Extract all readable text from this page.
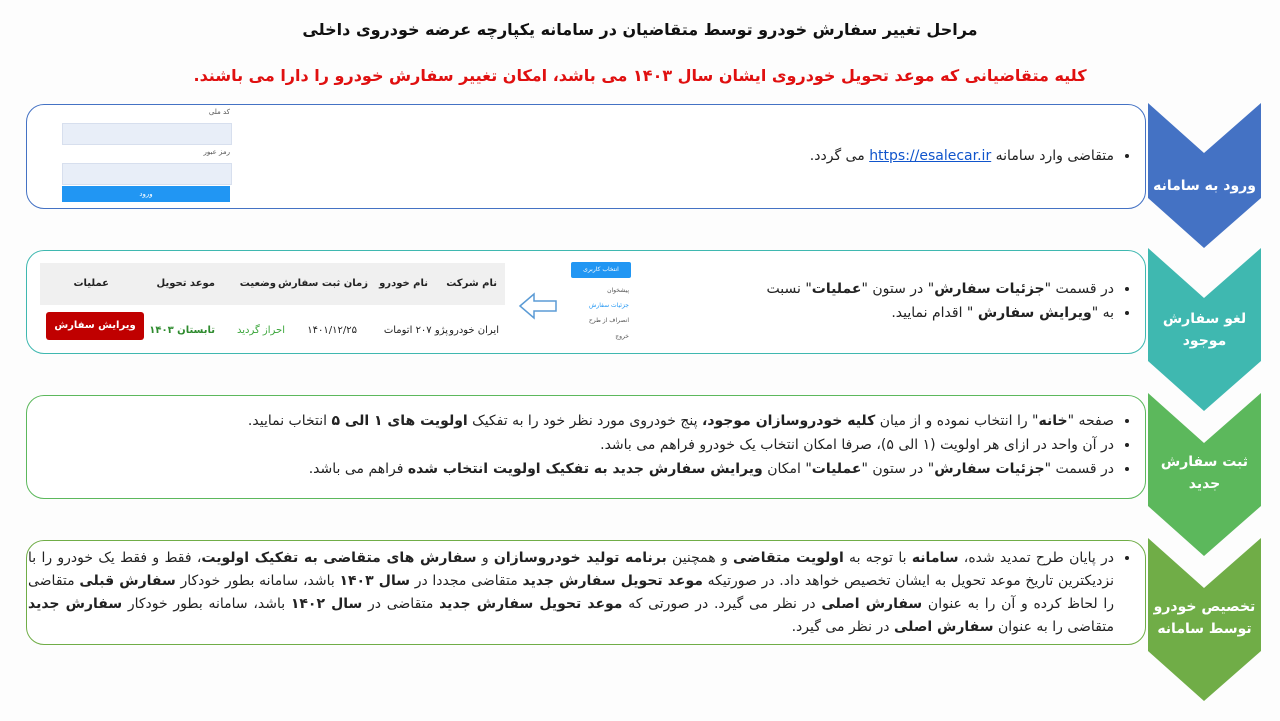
مراحل تغییر سفارش خودرو توسط متقاضیان در سامانه یکپارچه عرضه خودروی داخلی
کلیه متقاضیانی که موعد تحویل خودروی ایشان سال ۱۴۰۳ می باشد، امکان تغییر سفارش خودرو را دارا می باشند.
ورود به سامانه
لغو سفارش
موجود
ثبت سفارش
جدید
تخصیص خودرو
توسط سامانه
کد ملی
رمز عبور
ورود
• متقاضی وارد سامانه https://esalecar.ir می گردد.
نام شرکت
نام خودرو
زمان ثبت سفارش
وضعیت
موعد تحویل
عملیات
ایران خودرو
پژو ۲۰۷ اتومات
۱۴۰۱/۱۲/۲۵
احراز گردید
تابستان ۱۴۰۳
ویرایش سفارش
انتخاب کاربری
پیشخوان
جزئیات سفارش
انصراف از طرح
خروج
• در قسمت "جزئیات سفارش" در ستون "عملیات" نسبت
• به "ویرایش سفارش " اقدام نمایید.
• صفحه "خانه" را انتخاب نموده و از میان کلیه خودروسازان موجود، پنج خودروی مورد نظر خود را به تفکیک اولویت های ۱ الی ۵ انتخاب نمایید.
• در آن واحد در ازای هر اولویت (۱ الی ۵)، صرفا امکان انتخاب یک خودرو فراهم می باشد.
• در قسمت "جزئیات سفارش" در ستون "عملیات" امکان ویرایش سفارش جدید به تفکیک اولویت انتخاب شده فراهم می باشد.
• در پایان طرح تمدید شده، سامانه با توجه به اولویت متقاضی و همچنین برنامه تولید خودروسازان و سفارش های متقاضی به تفکیک اولویت، فقط و فقط یک خودرو را با نزدیکترین تاریخ موعد تحویل به ایشان تخصیص خواهد داد. در صورتیکه موعد تحویل سفارش جدید متقاضی مجددا در سال ۱۴۰۳ باشد، سامانه بطور خودکار سفارش قبلی متقاضی را لحاظ کرده و آن را به عنوان سفارش اصلی در نظر می گیرد. در صورتی که موعد تحویل سفارش جدید متقاضی در سال ۱۴۰۲ باشد، سامانه بطور خودکار سفارش جدید متقاضی را به عنوان سفارش اصلی در نظر می گیرد.
